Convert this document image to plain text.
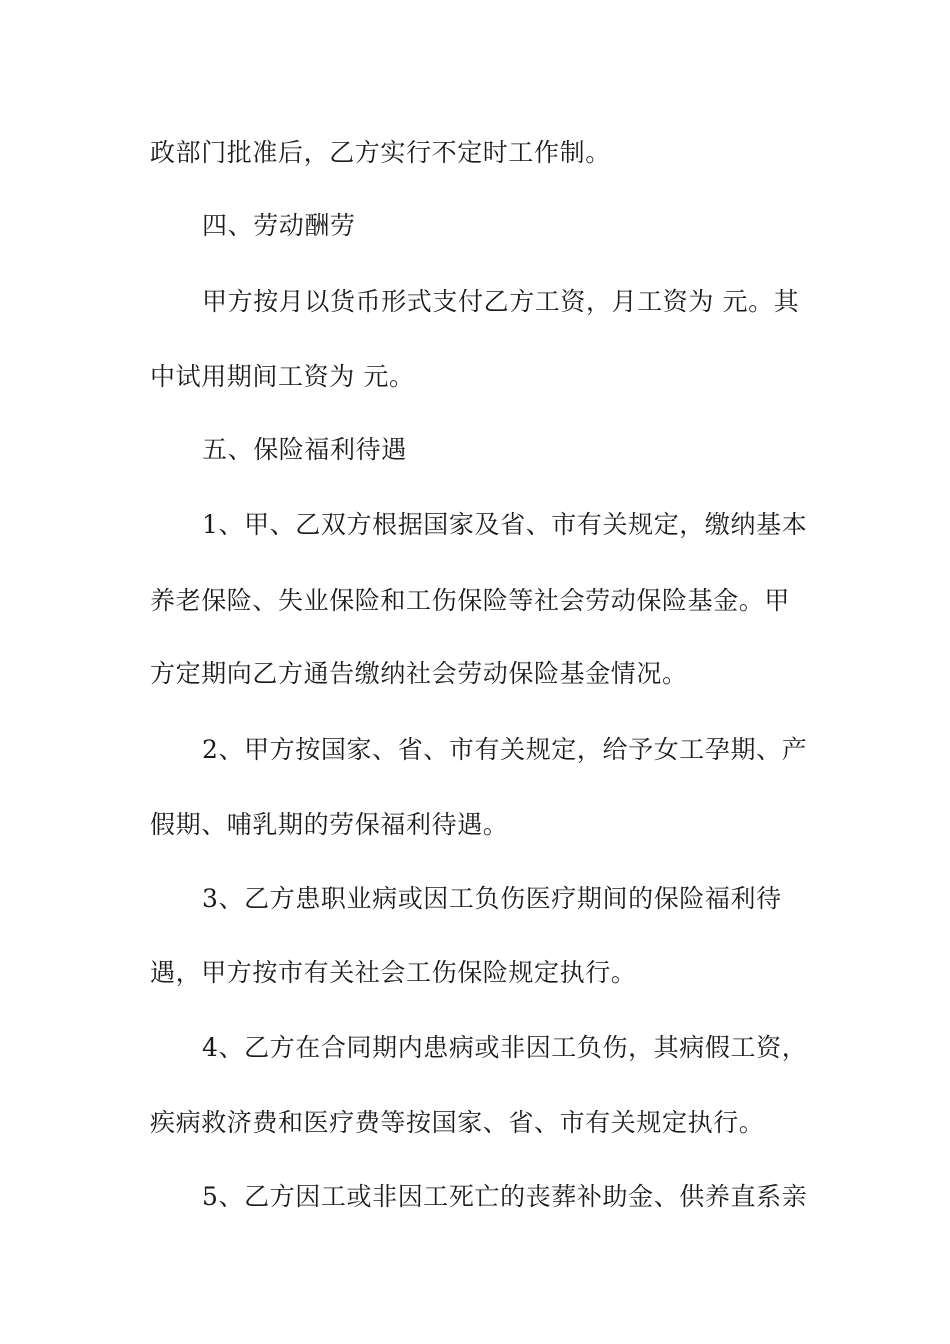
政部门批准后，乙方实行不定时工作制。
四、劳动酬劳
甲方按月以货币形式支付乙方工资，月工资为 元。其
中试用期间工资为 元。
五、保险福利待遇
1、甲、乙双方根据国家及省、市有关规定，缴纳基本
养老保险、失业保险和工伤保险等社会劳动保险基金。甲
方定期向乙方通告缴纳社会劳动保险基金情况。
2、甲方按国家、省、市有关规定，给予女工孕期、产
假期、哺乳期的劳保福利待遇。
3、乙方患职业病或因工负伤医疗期间的保险福利待
遇，甲方按市有关社会工伤保险规定执行。
4、乙方在合同期内患病或非因工负伤，其病假工资，
疾病救济费和医疗费等按国家、省、市有关规定执行。
5、乙方因工或非因工死亡的丧葬补助金、供养直系亲
